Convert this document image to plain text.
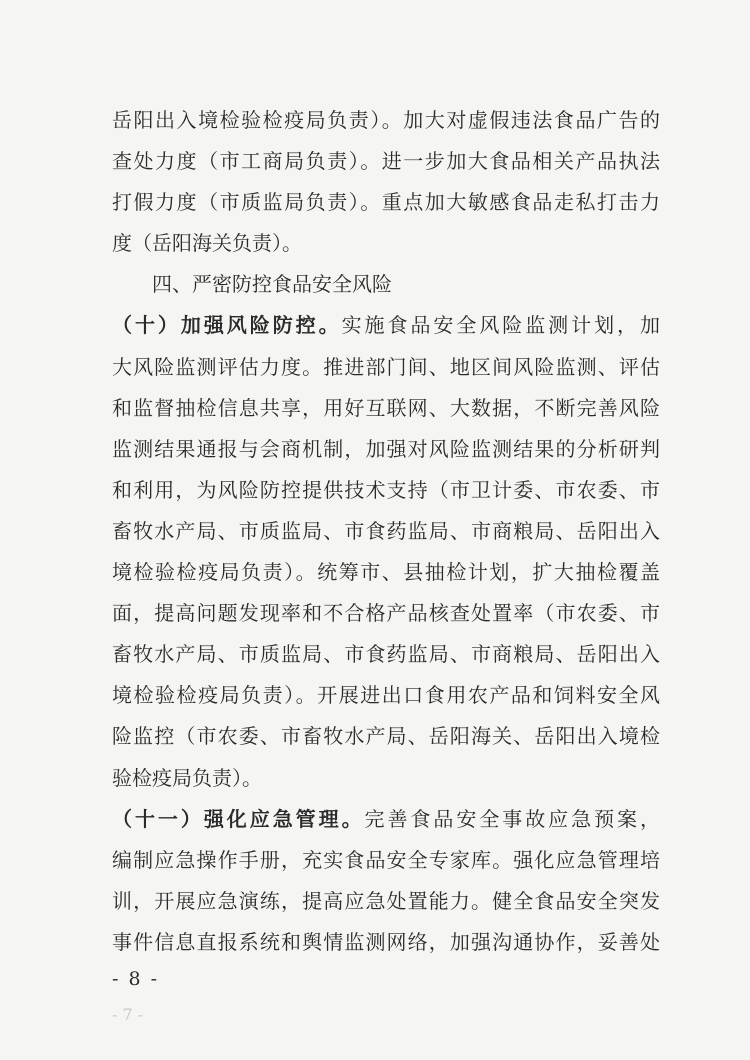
岳阳出入境检验检疫局负责）。加大对虚假违法食品广告的
查处力度（市工商局负责）。进一步加大食品相关产品执法
打假力度（市质监局负责）。重点加大敏感食品走私打击力
度（岳阳海关负责）。
四、严密防控食品安全风险
（十）加强风险防控。实施食品安全风险监测计划，加
大风险监测评估力度。推进部门间、地区间风险监测、评估
和监督抽检信息共享，用好互联网、大数据，不断完善风险
监测结果通报与会商机制，加强对风险监测结果的分析研判
和利用，为风险防控提供技术支持（市卫计委、市农委、市
畜牧水产局、市质监局、市食药监局、市商粮局、岳阳出入
境检验检疫局负责）。统筹市、县抽检计划，扩大抽检覆盖
面，提高问题发现率和不合格产品核查处置率（市农委、市
畜牧水产局、市质监局、市食药监局、市商粮局、岳阳出入
境检验检疫局负责）。开展进出口食用农产品和饲料安全风
险监控（市农委、市畜牧水产局、岳阳海关、岳阳出入境检
验检疫局负责）。
（十一）强化应急管理。完善食品安全事故应急预案，
编制应急操作手册，充实食品安全专家库。强化应急管理培
训，开展应急演练，提高应急处置能力。健全食品安全突发
事件信息直报系统和舆情监测网络，加强沟通协作，妥善处
- 8 -
- 7 -
